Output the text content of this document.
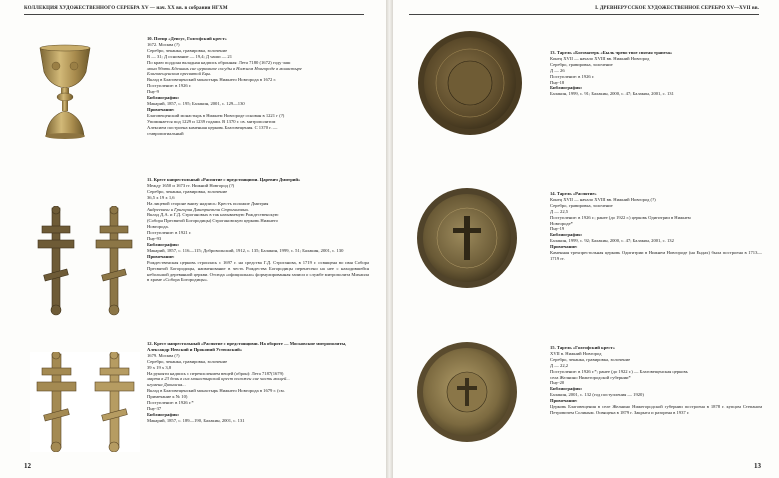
КОЛЛЕКЦИЯ ХУДОЖЕСТВЕННОГО СЕРЕБРА XV — нач. XX вв. в собрании НГХМ
10. Потир «Деисус, Голгофский крест»
1672. Москва (?)
Серебро, чеканка, гравировка, золочение
В — 31; Д основание — 19,4; Д чаши — 21
По краю поддона вкладная надпись обронная: Лета 7180 (1672) году чаш
мона 9дать Бдешань сие церковное сосуды в Нижнем Новгороде в монастыре
Благовещенском пресвятой Бцы.
Вклад в Благовещенский монастырь Нижнего Новгорода в 1672 г.
Поступление: в 1926 г.
Пну-9
Библиография:
Макарий, 1857, с. 195; Балакин, 2001, с. 129—130
Примечание:
Благовещенский монастырь в Нижнем Новгороде основан в 1221 г (?)
Упоминается под 1229 и 1239 годами. В 1370 г. св. митрополитом
Алексием построена каменная церковь Благовещения. С 1370 г. —
ставропигиальный
11. Крест напрестольный «Распятие с предстоящими. Царевич Дмитрий»
Между 1650 и 1673 гг. Нижний Новгород (?)
Серебро, чеканка, гравировка, золочение
36,5 х 19 х 1,6
На лицевой стороне внизу надпись: Крестъ положие Дмитрия
Андреевичи и Григория Дмитриевичи Строгановых.
Вклад Д.А. и Г.Д. Строгановых в так называемую Рождественскую
(Собора Пресвятой Богородицы) Строгановскую церковь Нижнего
Новгорода.
Поступление: в 1921 г.
Пну-93
Библиография:
Макарий, 1857, с. 116—115; Добровольский, 1912, с. 135; Балакин, 1999, с. 51; Балакин, 2001, с. 130
Примечание:
Рождественская церковь строилась с 1697 г. на средства Г.Д. Строганова, в 1719 г. освящена во имя Собора Пресвятой Богородицы, наименование в честь Рождества Богородицы перенесено на нее с находившейся небольшой деревянной церкви. Отсюда «официально» формулированная записи о службе митрополита Михаила в храме «Собора Богородицы».
12. Крест напрестольный «Распятие с предстоящими. На обороте — Московские митрополиты, Александр Невский и Прокопий Устюжский»
1679. Москва (?)
Серебро, чеканка, гравировка, золочение
39 х 19 х 3,8
На рукояти надпись с перечислением вещей (оброн): Лета 7187(1679)
марта в 23 день в сих монастырский крест положен сие часть мощей...
игумена Дионисия...
Вклад в Благовещенский монастырь Нижнего Новгорода в 1679 г. (см.
Примечание к № 10)
Поступление: в 1926 г.*
Пну-37
Библиография:
Макарий, 1857, с. 189—190, Балакин, 2001, с. 131
12
I. ДРЕВНЕРУССКОЕ ХУДОЖЕСТВЕННОЕ СЕРЕБРО XV—XVII вв.
13. Тарель «Богоматерь «Быль чрево твое святая трапеза»
Конец XVII — начало XVIII вв. Нижний Новгород
Серебро, гравировка, золочение
Д — 26
Поступление: в 1926 г.
Пну-18
Библиография:
Балакин, 1999, с. 91; Балакин, 2000, с. 47; Балакин, 2001, с. 131
14. Тарель «Распятие»
Конец XVII — начало XVIII вв. Нижний Новгород (?)
Серебро, гравировка, золочение
Д — 22,5
Поступление: в 1926 г.; ранее (до 1922 г.) церковь Одигитрии в Нижнем
Новгороде*
Пну-19
Библиография:
Балакин, 1999, с. 92; Балакин, 2000, с. 47; Балакин, 2001, с. 132
Примечание:
Каменная трехпрестольная церковь Одигитрии в Нижнем Новгороде (на Ендах) была построена в 1713—1719 гг.
15. Тарель «Голгофский крест»
XVII в. Нижний Новгород
Серебро, чеканка, гравировка, золочение
Д — 22,2
Поступление: в 1926 г.*; ранее (до 1922 г.) — Благовещенская церковь
села Желнино Нижегородской губернии*
Пну-20
Библиография:
Балакин, 2001, с. 132 (год поступления — 1920)
Примечание:
Церковь Благовещения в селе Желнино Нижегородской губернии построена в 1878 г. купцом Степаном Петровичем Солиным. Освящена в 1879 г. Закрыта и разорена в 1937 г.
13
